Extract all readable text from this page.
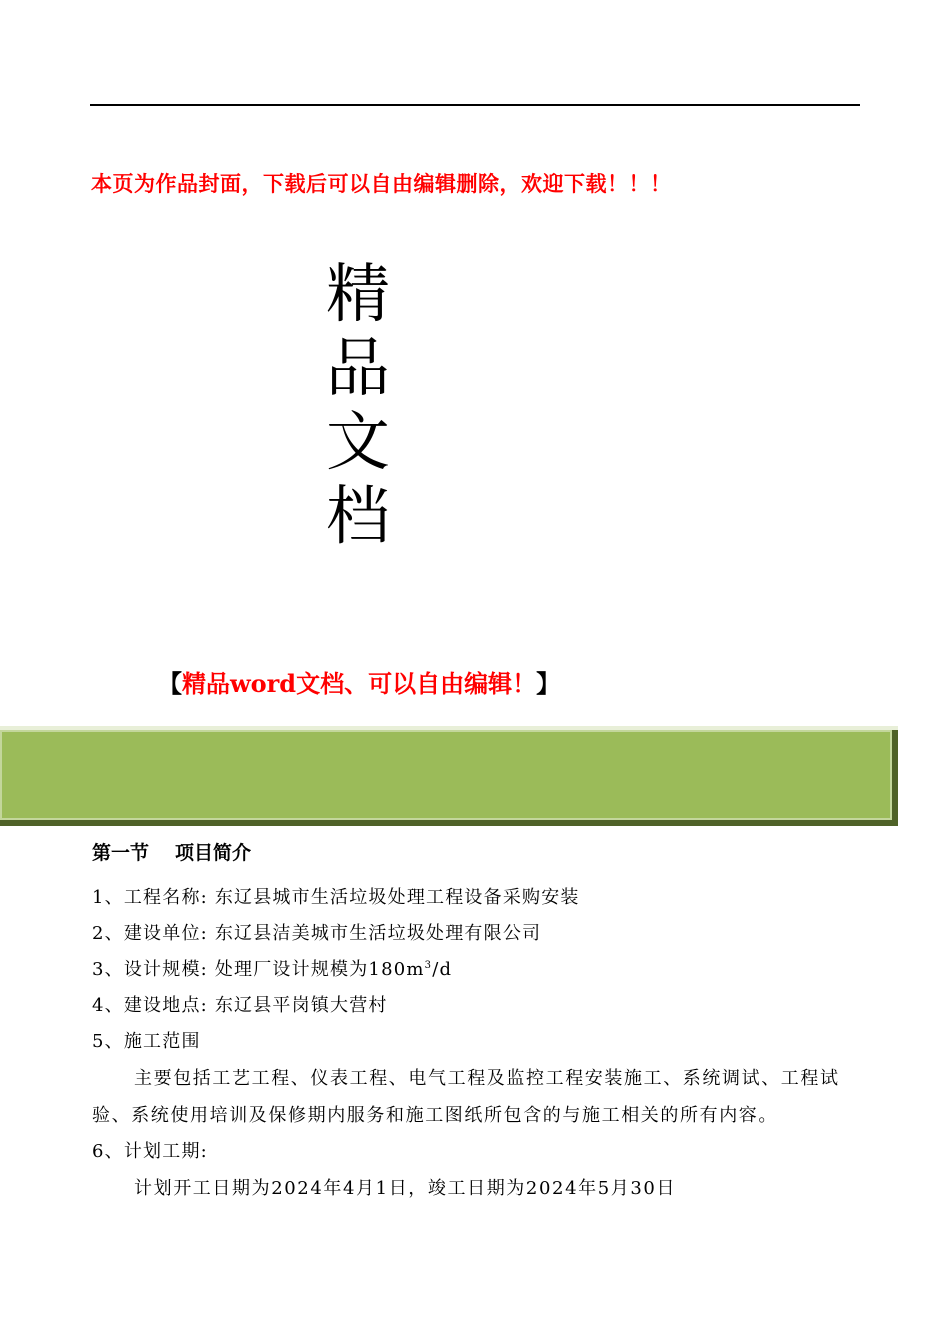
本页为作品封面，下载后可以自由编辑删除，欢迎下载！！！
精
品
文
档
【精品word文档、可以自由编辑！】
第一节 项目简介

1、工程名称: 东辽县城市生活垃圾处理工程设备采购安装

2、建设单位: 东辽县洁美城市生活垃圾处理有限公司

3、设计规模: 处理厂设计规模为$180m^3/d$

4、建设地点: 东辽县平岗镇大营村

5、施工范围

主要包括工艺工程、仪表工程、电气工程及监控工程安装施工、系统调试、工程试验、系统使用培训及保修期内服务和施工图纸所包含的与施工相关的所有内容。

6、计划工期:

计划开工日期为2024年4月1日，竣工日期为2024年5月30日
